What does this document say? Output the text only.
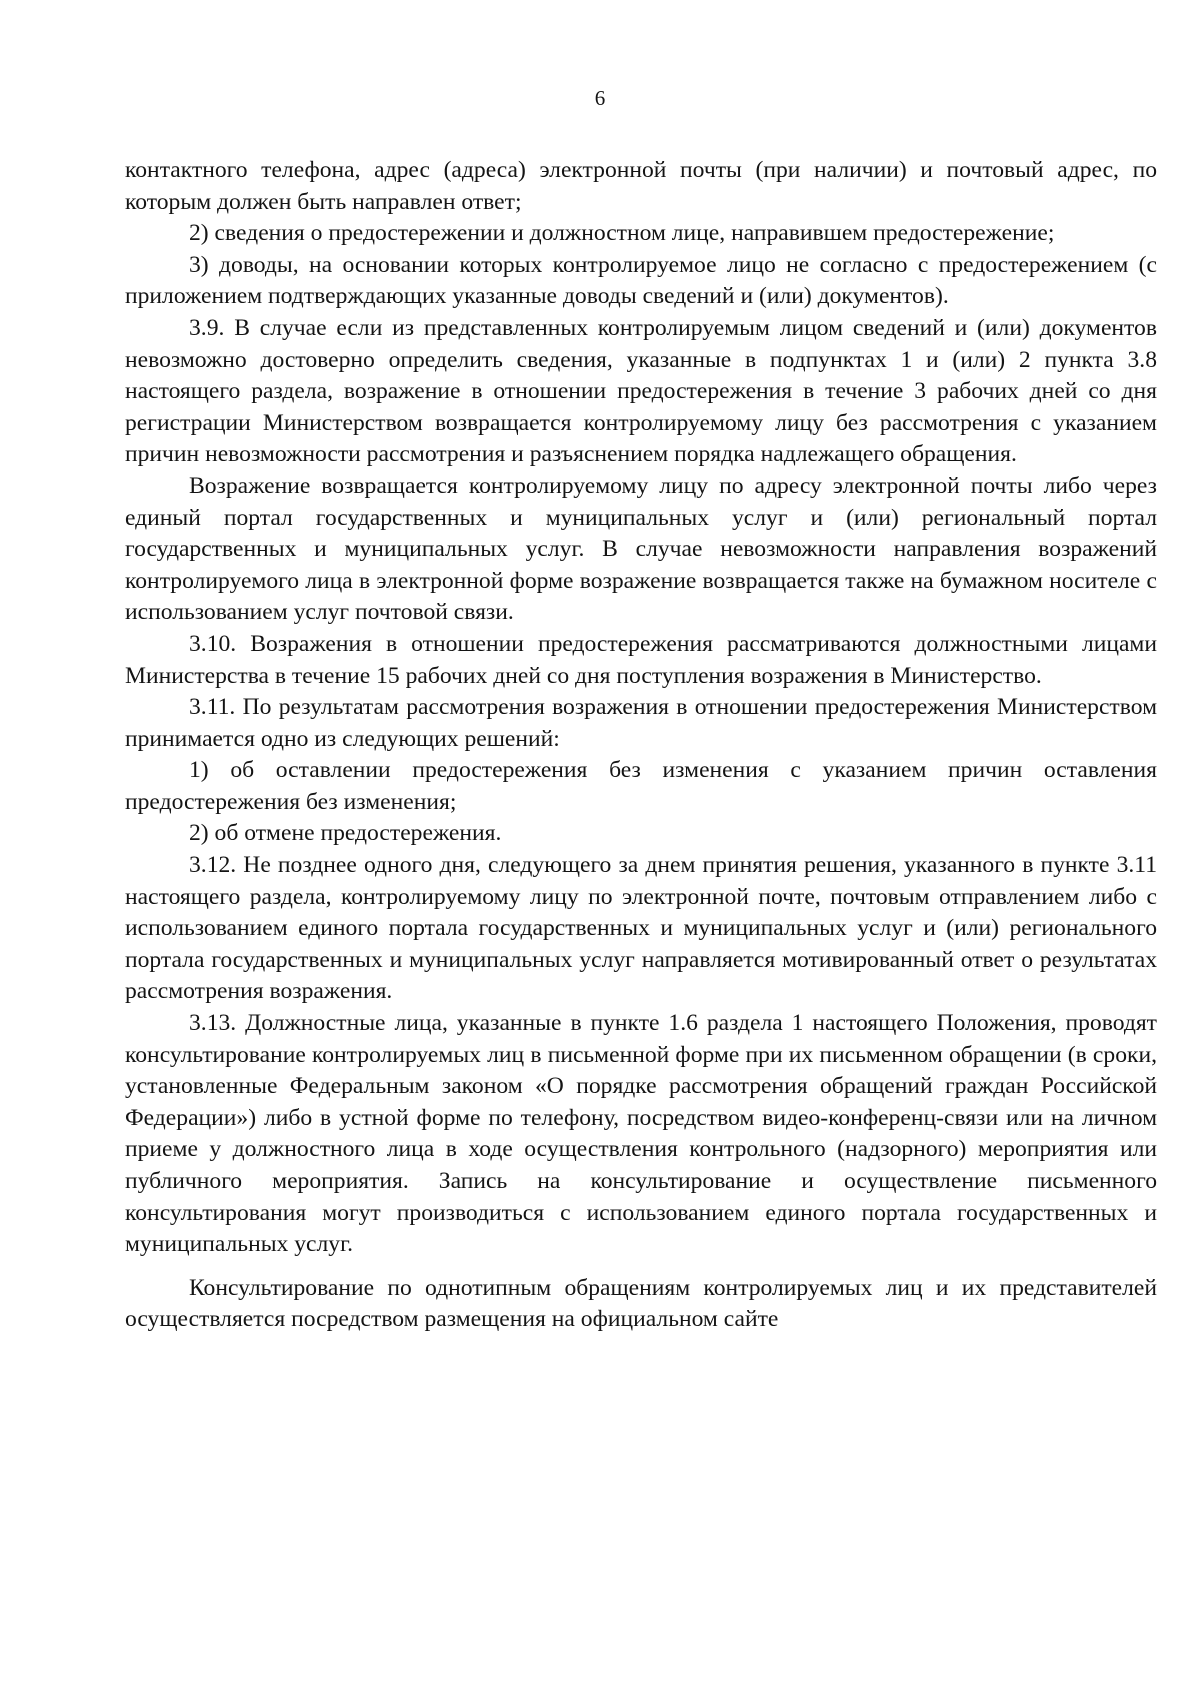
6

контактного телефона, адрес (адреса) электронной почты (при наличии) и почтовый адрес, по которым должен быть направлен ответ;

2) сведения о предостережении и должностном лице, направившем предостережение;

3) доводы, на основании которых контролируемое лицо не согласно с предостережением (с приложением подтверждающих указанные доводы сведений и (или) документов).

3.9. В случае если из представленных контролируемым лицом сведений и (или) документов невозможно достоверно определить сведения, указанные в подпунктах 1 и (или) 2 пункта 3.8 настоящего раздела, возражение в отношении предостережения в течение 3 рабочих дней со дня регистрации Министерством возвращается контролируемому лицу без рассмотрения с указанием причин невозможности рассмотрения и разъяснением порядка надлежащего обращения.

Возражение возвращается контролируемому лицу по адресу электронной почты либо через единый портал государственных и муниципальных услуг и (или) региональный портал государственных и муниципальных услуг. В случае невозможности направления возражений контролируемого лица в электронной форме возражение возвращается также на бумажном носителе с использованием услуг почтовой связи.

3.10. Возражения в отношении предостережения рассматриваются должностными лицами Министерства в течение 15 рабочих дней со дня поступления возражения в Министерство.

3.11. По результатам рассмотрения возражения в отношении предостережения Министерством принимается одно из следующих решений:

1) об оставлении предостережения без изменения с указанием причин оставления предостережения без изменения;

2) об отмене предостережения.

3.12. Не позднее одного дня, следующего за днем принятия решения, указанного в пункте 3.11 настоящего раздела, контролируемому лицу по электронной почте, почтовым отправлением либо с использованием единого портала государственных и муниципальных услуг и (или) регионального портала государственных и муниципальных услуг направляется мотивированный ответ о результатах рассмотрения возражения.

3.13. Должностные лица, указанные в пункте 1.6 раздела 1 настоящего Положения, проводят консультирование контролируемых лиц в письменной форме при их письменном обращении (в сроки, установленные Федеральным законом «О порядке рассмотрения обращений граждан Российской Федерации») либо в устной форме по телефону, посредством видео-конференц-связи или на личном приеме у должностного лица в ходе осуществления контрольного (надзорного) мероприятия или публичного мероприятия. Запись на консультирование и осуществление письменного консультирования могут производиться с использованием единого портала государственных и муниципальных услуг.

Консультирование по однотипным обращениям контролируемых лиц и их представителей осуществляется посредством размещения на официальном сайте
